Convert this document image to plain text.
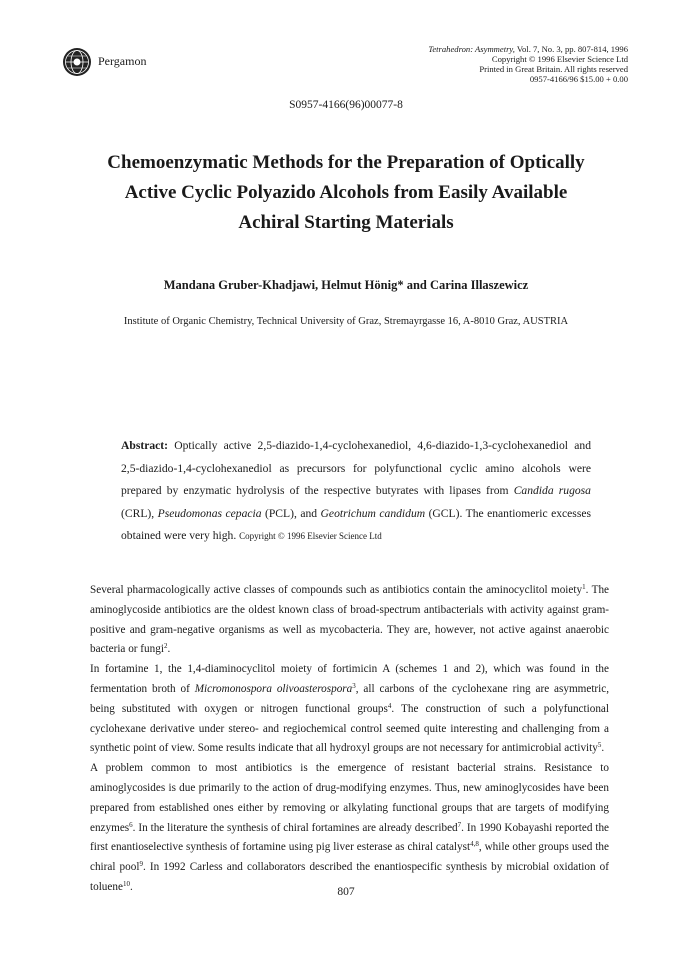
Pergamon
Tetrahedron: Asymmetry, Vol. 7, No. 3, pp. 807-814, 1996
Copyright © 1996 Elsevier Science Ltd
Printed in Great Britain. All rights reserved
0957-4166/96 $15.00 + 0.00
S0957-4166(96)00077-8
Chemoenzymatic Methods for the Preparation of Optically Active Cyclic Polyazido Alcohols from Easily Available Achiral Starting Materials
Mandana Gruber-Khadjawi, Helmut Hönig* and Carina Illaszewicz
Institute of Organic Chemistry, Technical University of Graz, Stremayrgasse 16, A-8010 Graz, AUSTRIA
Abstract: Optically active 2,5-diazido-1,4-cyclohexanediol, 4,6-diazido-1,3-cyclohexanediol and 2,5-diazido-1,4-cyclohexanediol as precursors for polyfunctional cyclic amino alcohols were prepared by enzymatic hydrolysis of the respective butyrates with lipases from Candida rugosa (CRL), Pseudomonas cepacia (PCL), and Geotrichum candidum (GCL). The enantiomeric excesses obtained were very high. Copyright © 1996 Elsevier Science Ltd

Several pharmacologically active classes of compounds such as antibiotics contain the aminocyclitol moiety$^1$. The aminoglycoside antibiotics are the oldest known class of broad-spectrum antibacterials with activity against gram-positive and gram-negative organisms as well as mycobacteria. They are, however, not active against anaerobic bacteria or fungi$^2$.

In fortamine 1, the 1,4-diaminocyclitol moiety of fortimicin A (schemes 1 and 2), which was found in the fermentation broth of Micromonospora olivoasterospora$^3$, all carbons of the cyclohexane ring are asymmetric, being substituted with oxygen or nitrogen functional groups$^4$. The construction of such a polyfunctional cyclohexane derivative under stereo- and regiochemical control seemed quite interesting and challenging from a synthetic point of view. Some results indicate that all hydroxyl groups are not necessary for antimicrobial activity$^5$.

A problem common to most antibiotics is the emergence of resistant bacterial strains. Resistance to aminoglycosides is due primarily to the action of drug-modifying enzymes. Thus, new aminoglycosides have been prepared from established ones either by removing or alkylating functional groups that are targets of modifying enzymes$^6$. In the literature the synthesis of chiral fortamines are already described$^7$. In 1990 Kobayashi reported the first enantioselective synthesis of fortamine using pig liver esterase as chiral catalyst$^{4,8}$, while other groups used the chiral pool$^9$. In 1992 Carless and collaborators described the enantiospecific synthesis by microbial oxidation of toluene$^{10}$.	807
